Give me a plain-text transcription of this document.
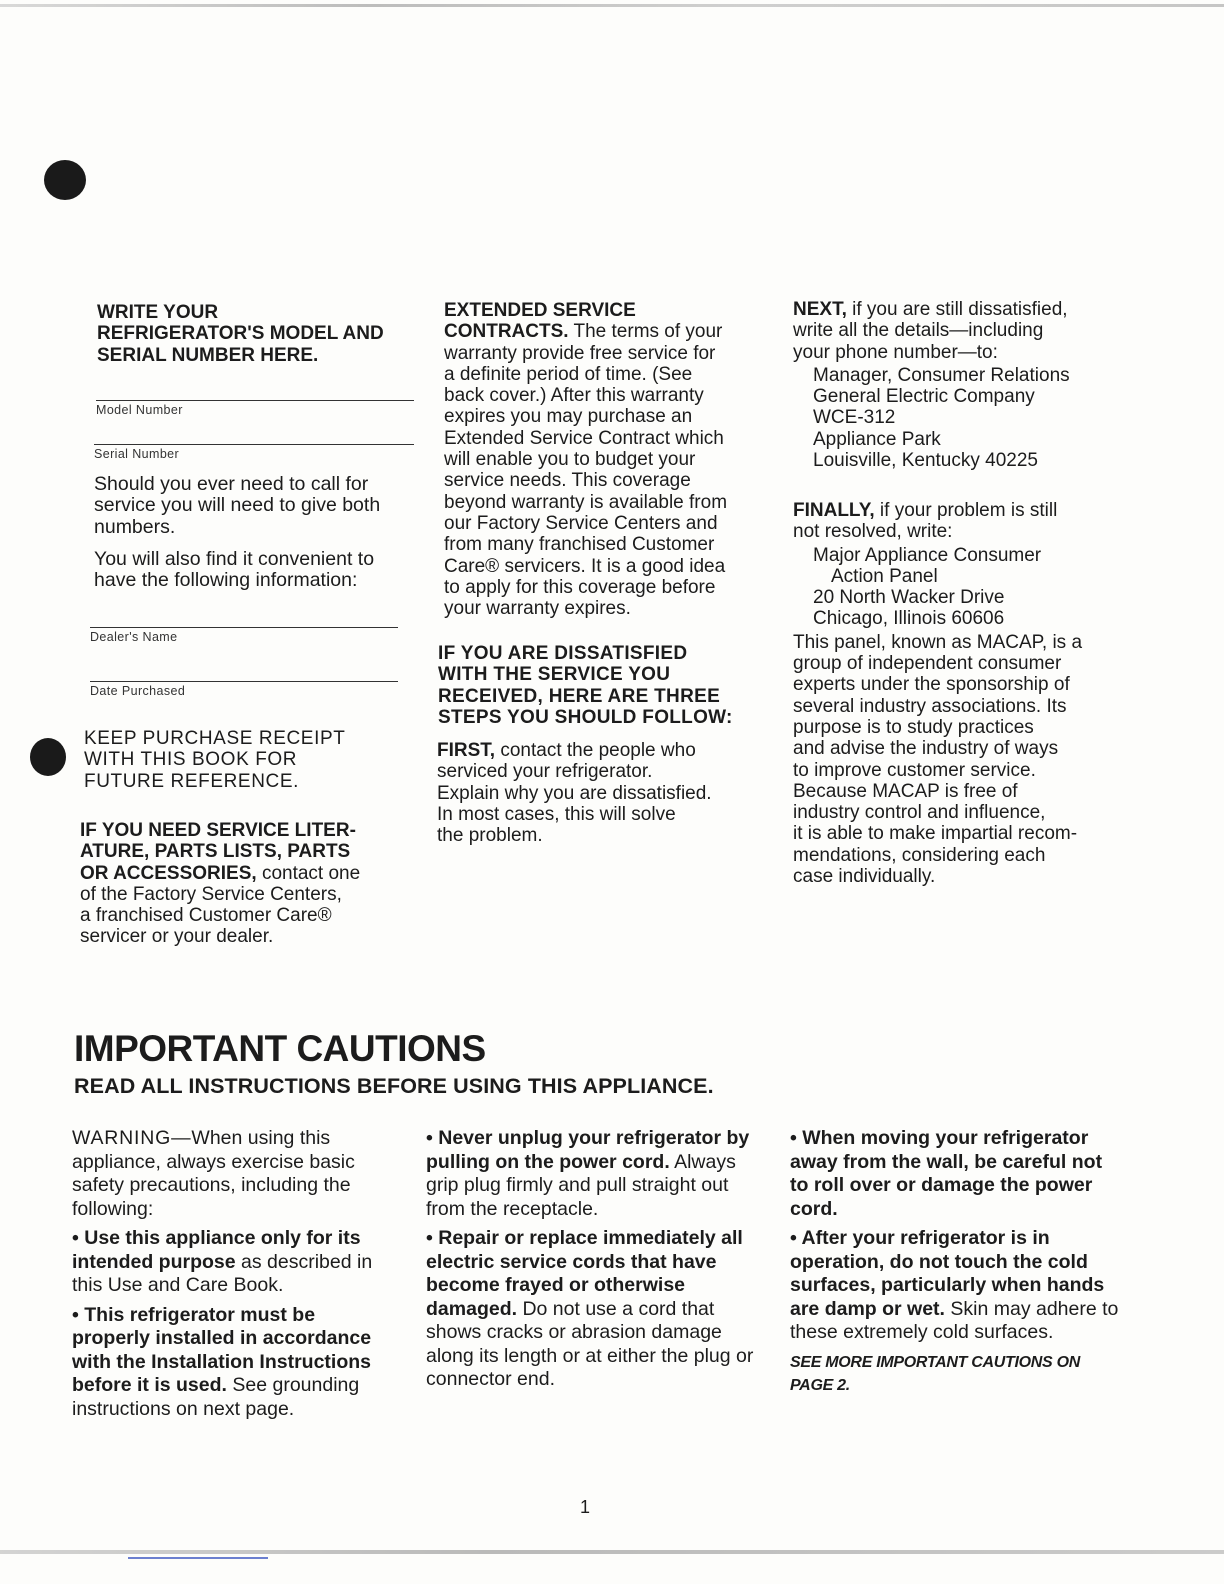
WRITE YOUR
REFRIGERATOR'S MODEL AND
SERIAL NUMBER HERE.
Model Number
Serial Number
Should you ever need to call for
service you will need to give both
numbers.
You will also find it convenient to
have the following information:
Dealer's Name
Date Purchased
KEEP PURCHASE RECEIPT
WITH THIS BOOK FOR
FUTURE REFERENCE.
IF YOU NEED SERVICE LITER-
ATURE, PARTS LISTS, PARTS
OR ACCESSORIES, contact one
of the Factory Service Centers,
a franchised Customer Care®
servicer or your dealer.
EXTENDED SERVICE
CONTRACTS. The terms of your
warranty provide free service for
a definite period of time. (See
back cover.) After this warranty
expires you may purchase an
Extended Service Contract which
will enable you to budget your
service needs. This coverage
beyond warranty is available from
our Factory Service Centers and
from many franchised Customer
Care® servicers. It is a good idea
to apply for this coverage before
your warranty expires.
IF YOU ARE DISSATISFIED
WITH THE SERVICE YOU
RECEIVED, HERE ARE THREE
STEPS YOU SHOULD FOLLOW:
FIRST, contact the people who
serviced your refrigerator.
Explain why you are dissatisfied.
In most cases, this will solve
the problem.
NEXT, if you are still dissatisfied,
write all the details—including
your phone number—to:
Manager, Consumer Relations
General Electric Company
WCE-312
Appliance Park
Louisville, Kentucky 40225
FINALLY, if your problem is still
not resolved, write:
Major Appliance Consumer
Action Panel
20 North Wacker Drive
Chicago, Illinois 60606
This panel, known as MACAP, is a
group of independent consumer
experts under the sponsorship of
several industry associations. Its
purpose is to study practices
and advise the industry of ways
to improve customer service.
Because MACAP is free of
industry control and influence,
it is able to make impartial recom-
mendations, considering each
case individually.
IMPORTANT CAUTIONS
READ ALL INSTRUCTIONS BEFORE USING THIS APPLIANCE.

WARNING—When using this
appliance, always exercise basic
safety precautions, including the
following:

• Use this appliance only for its intended purpose as described in this Use and Care Book.

• This refrigerator must be properly installed in accordance with the Installation Instructions before it is used. See grounding instructions on next page.

• Never unplug your refrigerator by pulling on the power cord. Always grip plug firmly and pull straight out from the receptacle.

• Repair or replace immediately all electric service cords that have become frayed or otherwise damaged. Do not use a cord that shows cracks or abrasion damage along its length or at either the plug or connector end.

• When moving your refrigerator away from the wall, be careful not to roll over or damage the power cord.

• After your refrigerator is in operation, do not touch the cold surfaces, particularly when hands are damp or wet. Skin may adhere to these extremely cold surfaces.

SEE MORE IMPORTANT CAUTIONS ON PAGE 2.
1
